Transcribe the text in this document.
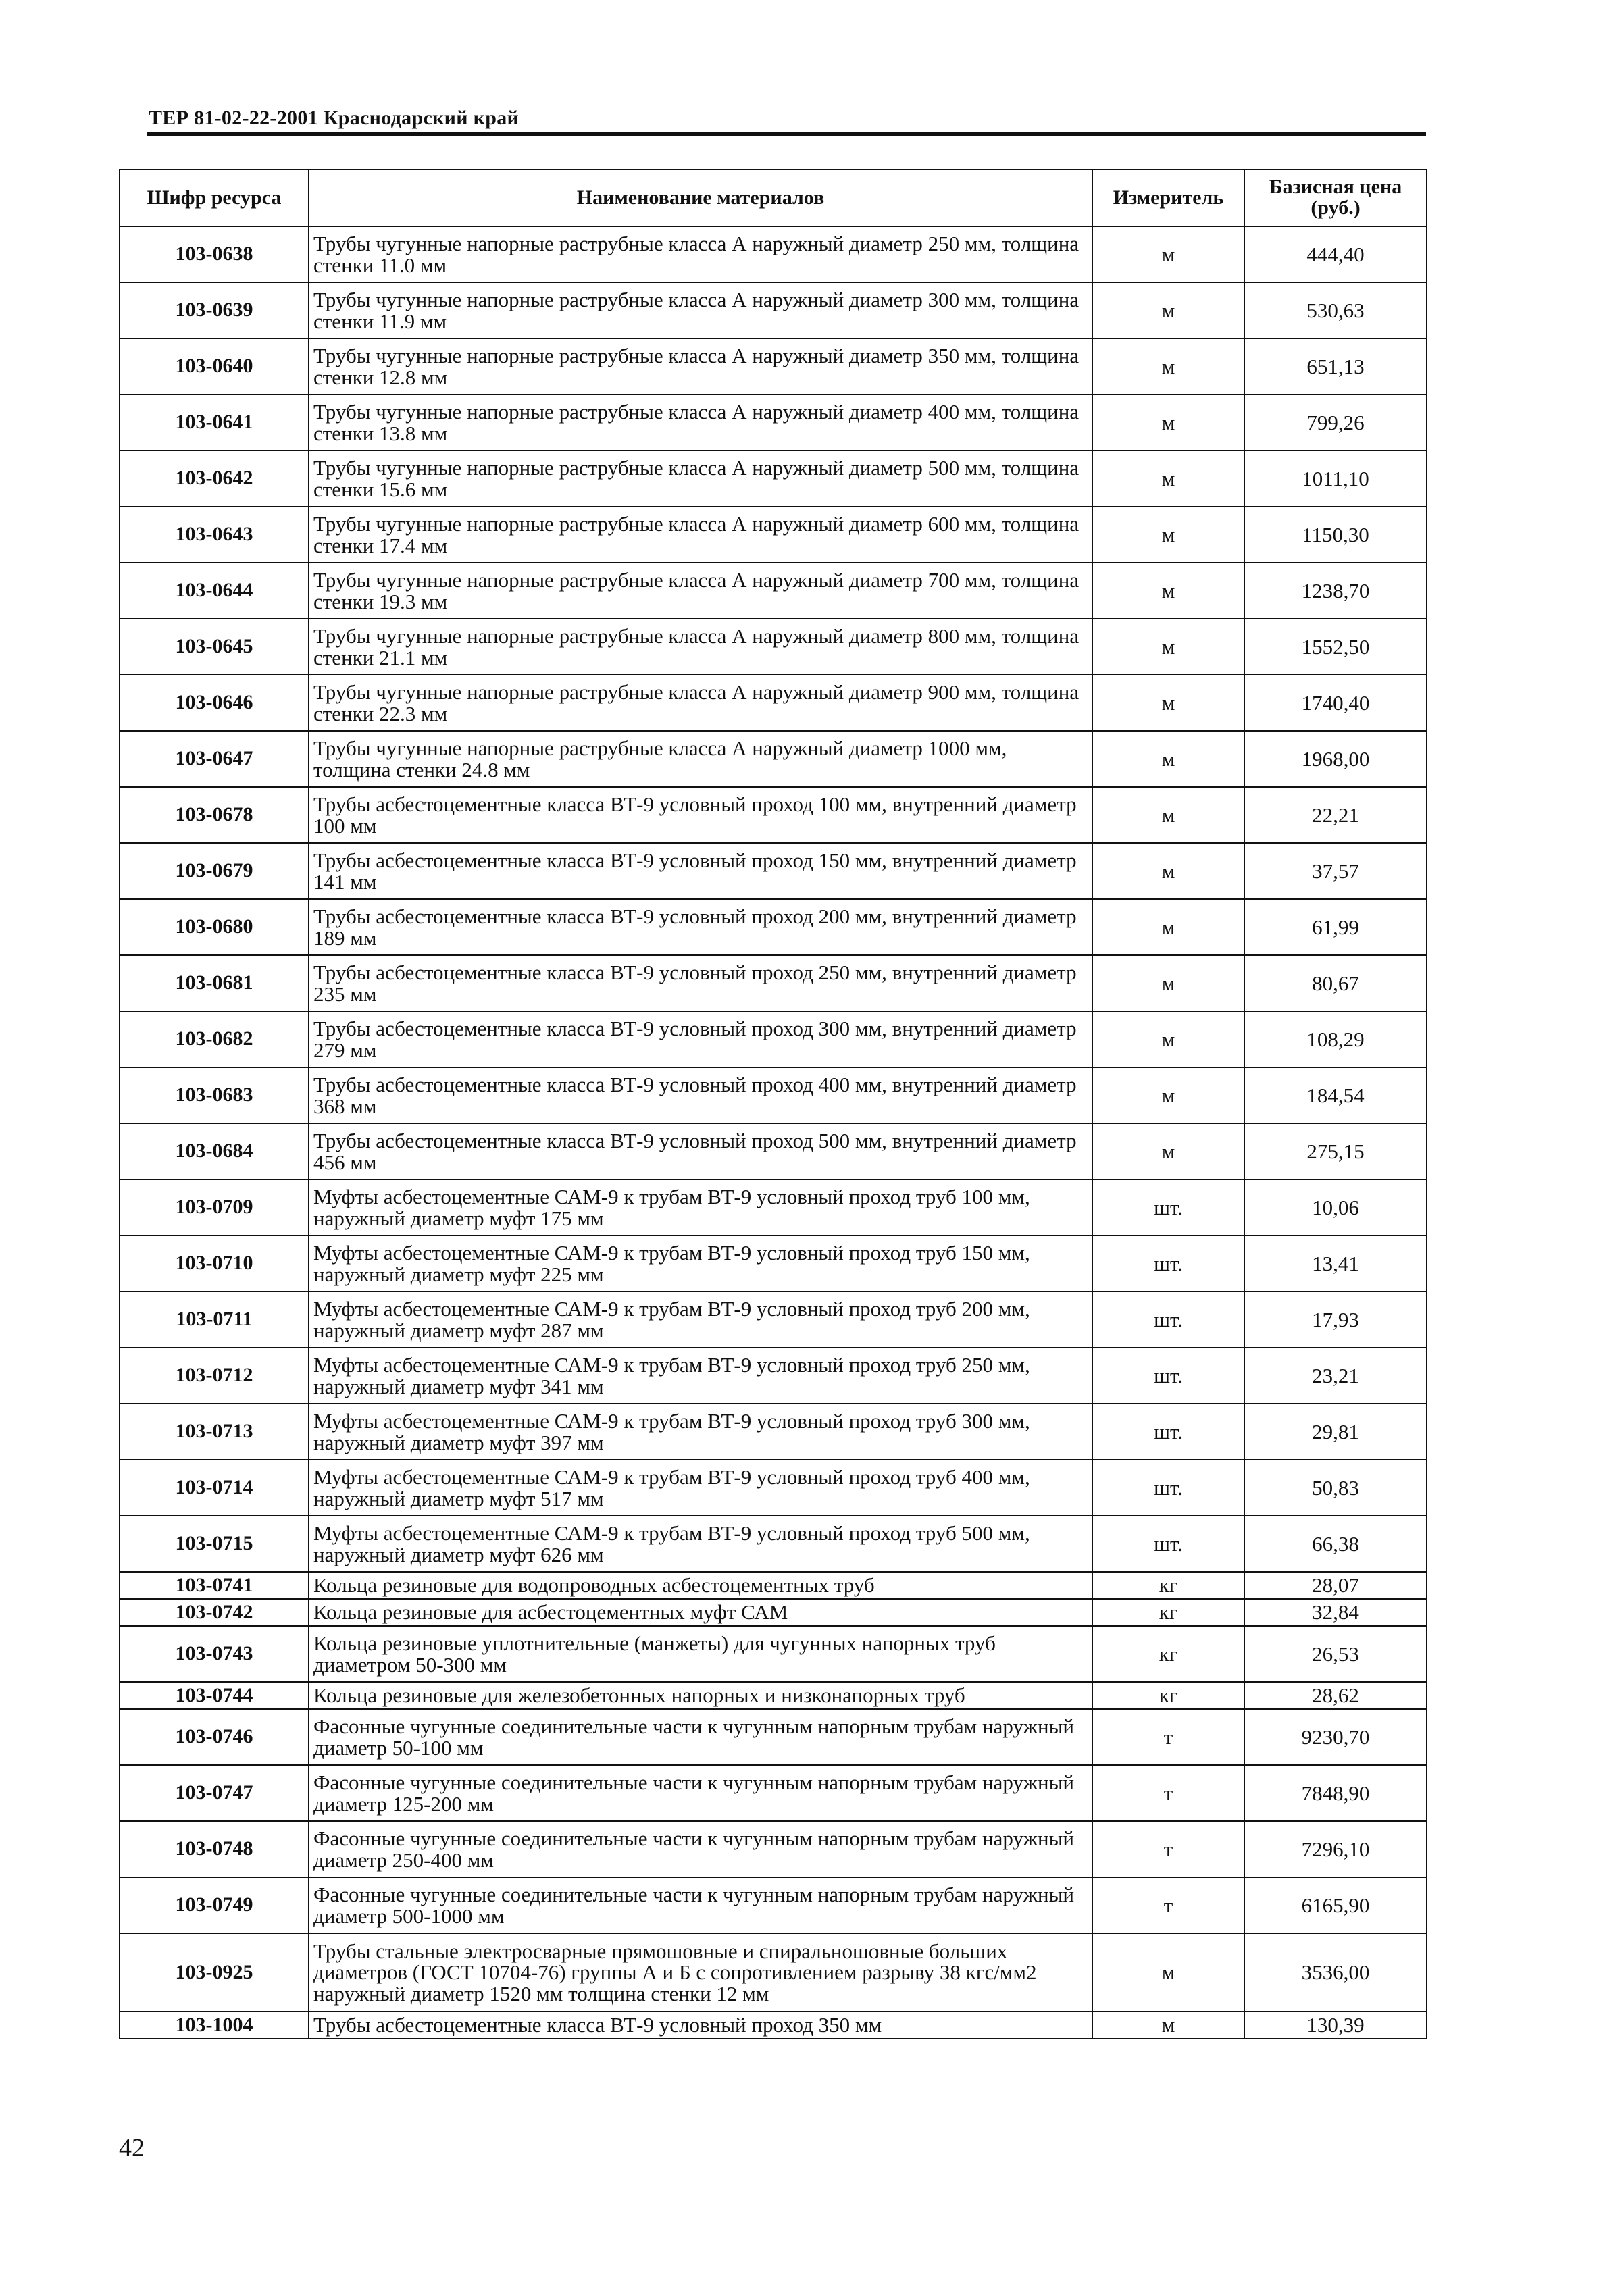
ТЕР 81-02-22-2001 Краснодарский край
Шифр ресурса	Наименование материалов	Измеритель	Базисная цена (руб.)
103-0638	Трубы чугунные напорные раструбные класса А наружный диаметр 250 мм, толщина стенки 11.0 мм	м	444,40
103-0639	Трубы чугунные напорные раструбные класса А наружный диаметр 300 мм, толщина стенки 11.9 мм	м	530,63
103-0640	Трубы чугунные напорные раструбные класса А наружный диаметр 350 мм, толщина стенки 12.8 мм	м	651,13
103-0641	Трубы чугунные напорные раструбные класса А наружный диаметр 400 мм, толщина стенки 13.8 мм	м	799,26
103-0642	Трубы чугунные напорные раструбные класса А наружный диаметр 500 мм, толщина стенки 15.6 мм	м	1011,10
103-0643	Трубы чугунные напорные раструбные класса А наружный диаметр 600 мм, толщина стенки 17.4 мм	м	1150,30
103-0644	Трубы чугунные напорные раструбные класса А наружный диаметр 700 мм, толщина стенки 19.3 мм	м	1238,70
103-0645	Трубы чугунные напорные раструбные класса А наружный диаметр 800 мм, толщина стенки 21.1 мм	м	1552,50
103-0646	Трубы чугунные напорные раструбные класса А наружный диаметр 900 мм, толщина стенки 22.3 мм	м	1740,40
103-0647	Трубы чугунные напорные раструбные класса А наружный диаметр 1000 мм, толщина стенки 24.8 мм	м	1968,00
103-0678	Трубы асбестоцементные класса ВТ-9 условный проход 100 мм, внутренний диаметр 100 мм	м	22,21
103-0679	Трубы асбестоцементные класса ВТ-9 условный проход 150 мм, внутренний диаметр 141 мм	м	37,57
103-0680	Трубы асбестоцементные класса ВТ-9 условный проход 200 мм, внутренний диаметр 189 мм	м	61,99
103-0681	Трубы асбестоцементные класса ВТ-9 условный проход 250 мм, внутренний диаметр 235 мм	м	80,67
103-0682	Трубы асбестоцементные класса ВТ-9 условный проход 300 мм, внутренний диаметр 279 мм	м	108,29
103-0683	Трубы асбестоцементные класса ВТ-9 условный проход 400 мм, внутренний диаметр 368 мм	м	184,54
103-0684	Трубы асбестоцементные класса ВТ-9 условный проход 500 мм, внутренний диаметр 456 мм	м	275,15
103-0709	Муфты асбестоцементные САМ-9 к трубам ВТ-9 условный проход труб 100 мм, наружный диаметр муфт 175 мм	шт.	10,06
103-0710	Муфты асбестоцементные САМ-9 к трубам ВТ-9 условный проход труб 150 мм, наружный диаметр муфт 225 мм	шт.	13,41
103-0711	Муфты асбестоцементные САМ-9 к трубам ВТ-9 условный проход труб 200 мм, наружный диаметр муфт 287 мм	шт.	17,93
103-0712	Муфты асбестоцементные САМ-9 к трубам ВТ-9 условный проход труб 250 мм, наружный диаметр муфт 341 мм	шт.	23,21
103-0713	Муфты асбестоцементные САМ-9 к трубам ВТ-9 условный проход труб 300 мм, наружный диаметр муфт 397 мм	шт.	29,81
103-0714	Муфты асбестоцементные САМ-9 к трубам ВТ-9 условный проход труб 400 мм, наружный диаметр муфт 517 мм	шт.	50,83
103-0715	Муфты асбестоцементные САМ-9 к трубам ВТ-9 условный проход труб 500 мм, наружный диаметр муфт 626 мм	шт.	66,38
103-0741	Кольца резиновые для водопроводных асбестоцементных труб	кг	28,07
103-0742	Кольца резиновые для асбестоцементных муфт САМ	кг	32,84
103-0743	Кольца резиновые уплотнительные (манжеты) для чугунных напорных труб диаметром 50-300 мм	кг	26,53
103-0744	Кольца резиновые для железобетонных напорных и низконапорных труб	кг	28,62
103-0746	Фасонные чугунные соединительные части к чугунным напорным трубам наружный диаметр 50-100 мм	т	9230,70
103-0747	Фасонные чугунные соединительные части к чугунным напорным трубам наружный диаметр 125-200 мм	т	7848,90
103-0748	Фасонные чугунные соединительные части к чугунным напорным трубам наружный диаметр 250-400 мм	т	7296,10
103-0749	Фасонные чугунные соединительные части к чугунным напорным трубам наружный диаметр 500-1000 мм	т	6165,90
103-0925	Трубы стальные электросварные прямошовные и спиральношовные больших диаметров (ГОСТ 10704-76) группы А и Б с сопротивлением разрыву 38 кгс/мм2 наружный диаметр 1520 мм толщина стенки 12 мм	м	3536,00
103-1004	Трубы асбестоцементные класса ВТ-9 условный проход 350 мм	м	130,39
42
